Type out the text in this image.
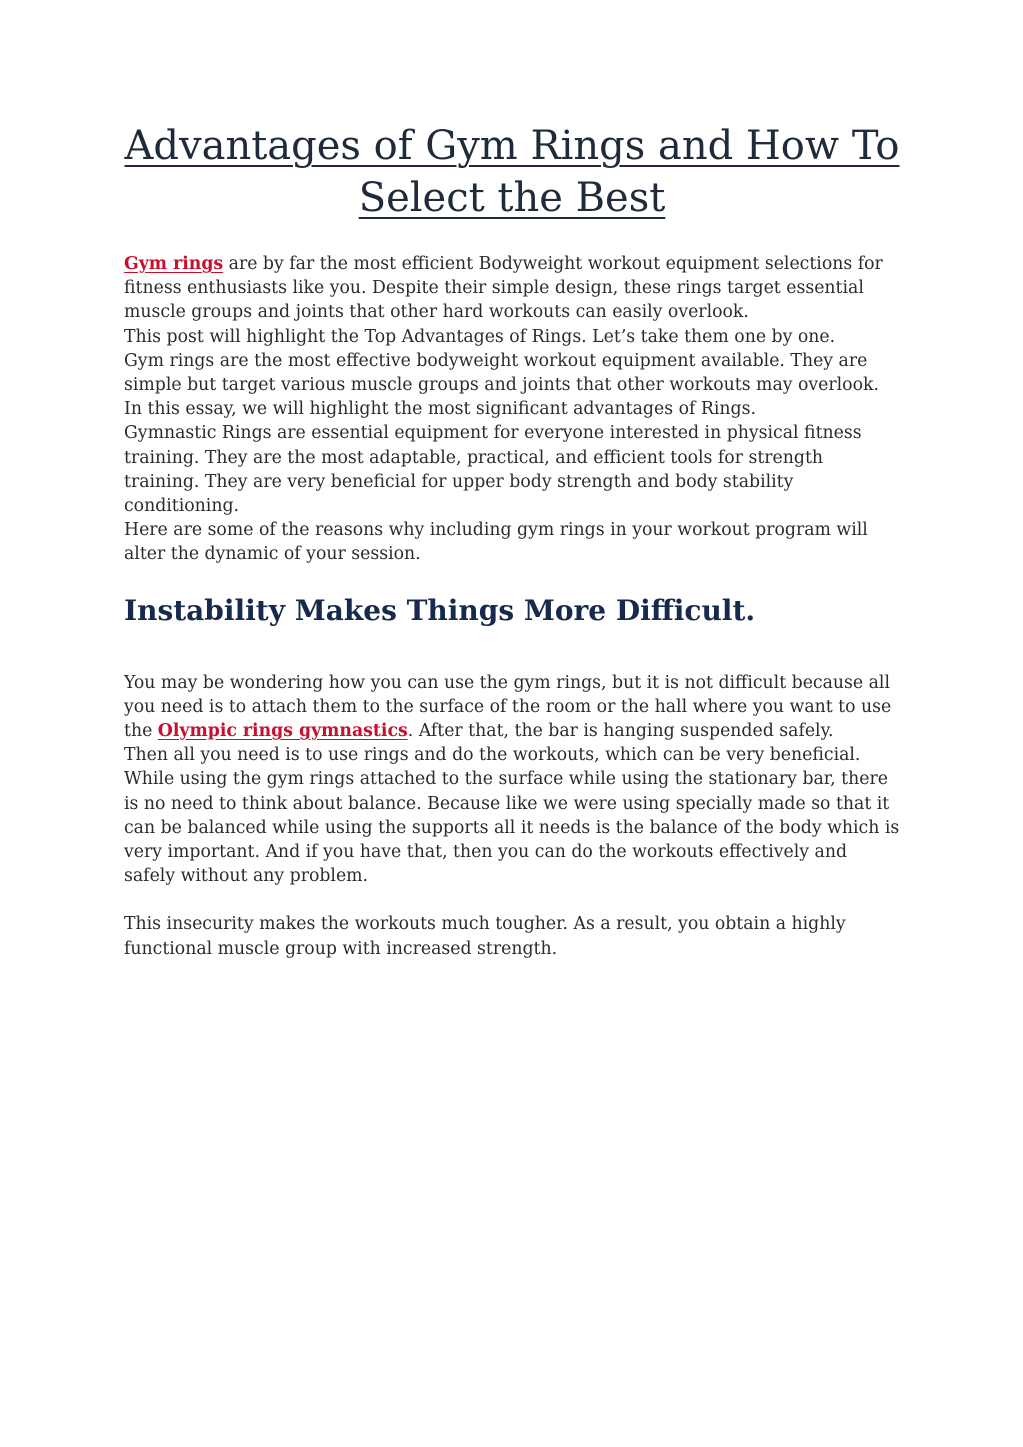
Advantages of Gym Rings and How To Select the Best

Gym rings are by far the most efficient Bodyweight workout equipment selections for fitness enthusiasts like you. Despite their simple design, these rings target essential muscle groups and joints that other hard workouts can easily overlook.

This post will highlight the Top Advantages of Rings. Let’s take them one by one.

Gym rings are the most effective bodyweight workout equipment available. They are simple but target various muscle groups and joints that other workouts may overlook. In this essay, we will highlight the most significant advantages of Rings.

Gymnastic Rings are essential equipment for everyone interested in physical fitness training. They are the most adaptable, practical, and efficient tools for strength training. They are very beneficial for upper body strength and body stability conditioning.

Here are some of the reasons why including gym rings in your workout program will alter the dynamic of your session.

Instability Makes Things More Difficult.

You may be wondering how you can use the gym rings, but it is not difficult because all you need is to attach them to the surface of the room or the hall where you want to use the Olympic rings gymnastics. After that, the bar is hanging suspended safely.

Then all you need is to use rings and do the workouts, which can be very beneficial.

While using the gym rings attached to the surface while using the stationary bar, there is no need to think about balance. Because like we were using specially made so that it can be balanced while using the supports all it needs is the balance of the body which is very important. And if you have that, then you can do the workouts effectively and safely without any problem.

This insecurity makes the workouts much tougher. As a result, you obtain a highly functional muscle group with increased strength.
